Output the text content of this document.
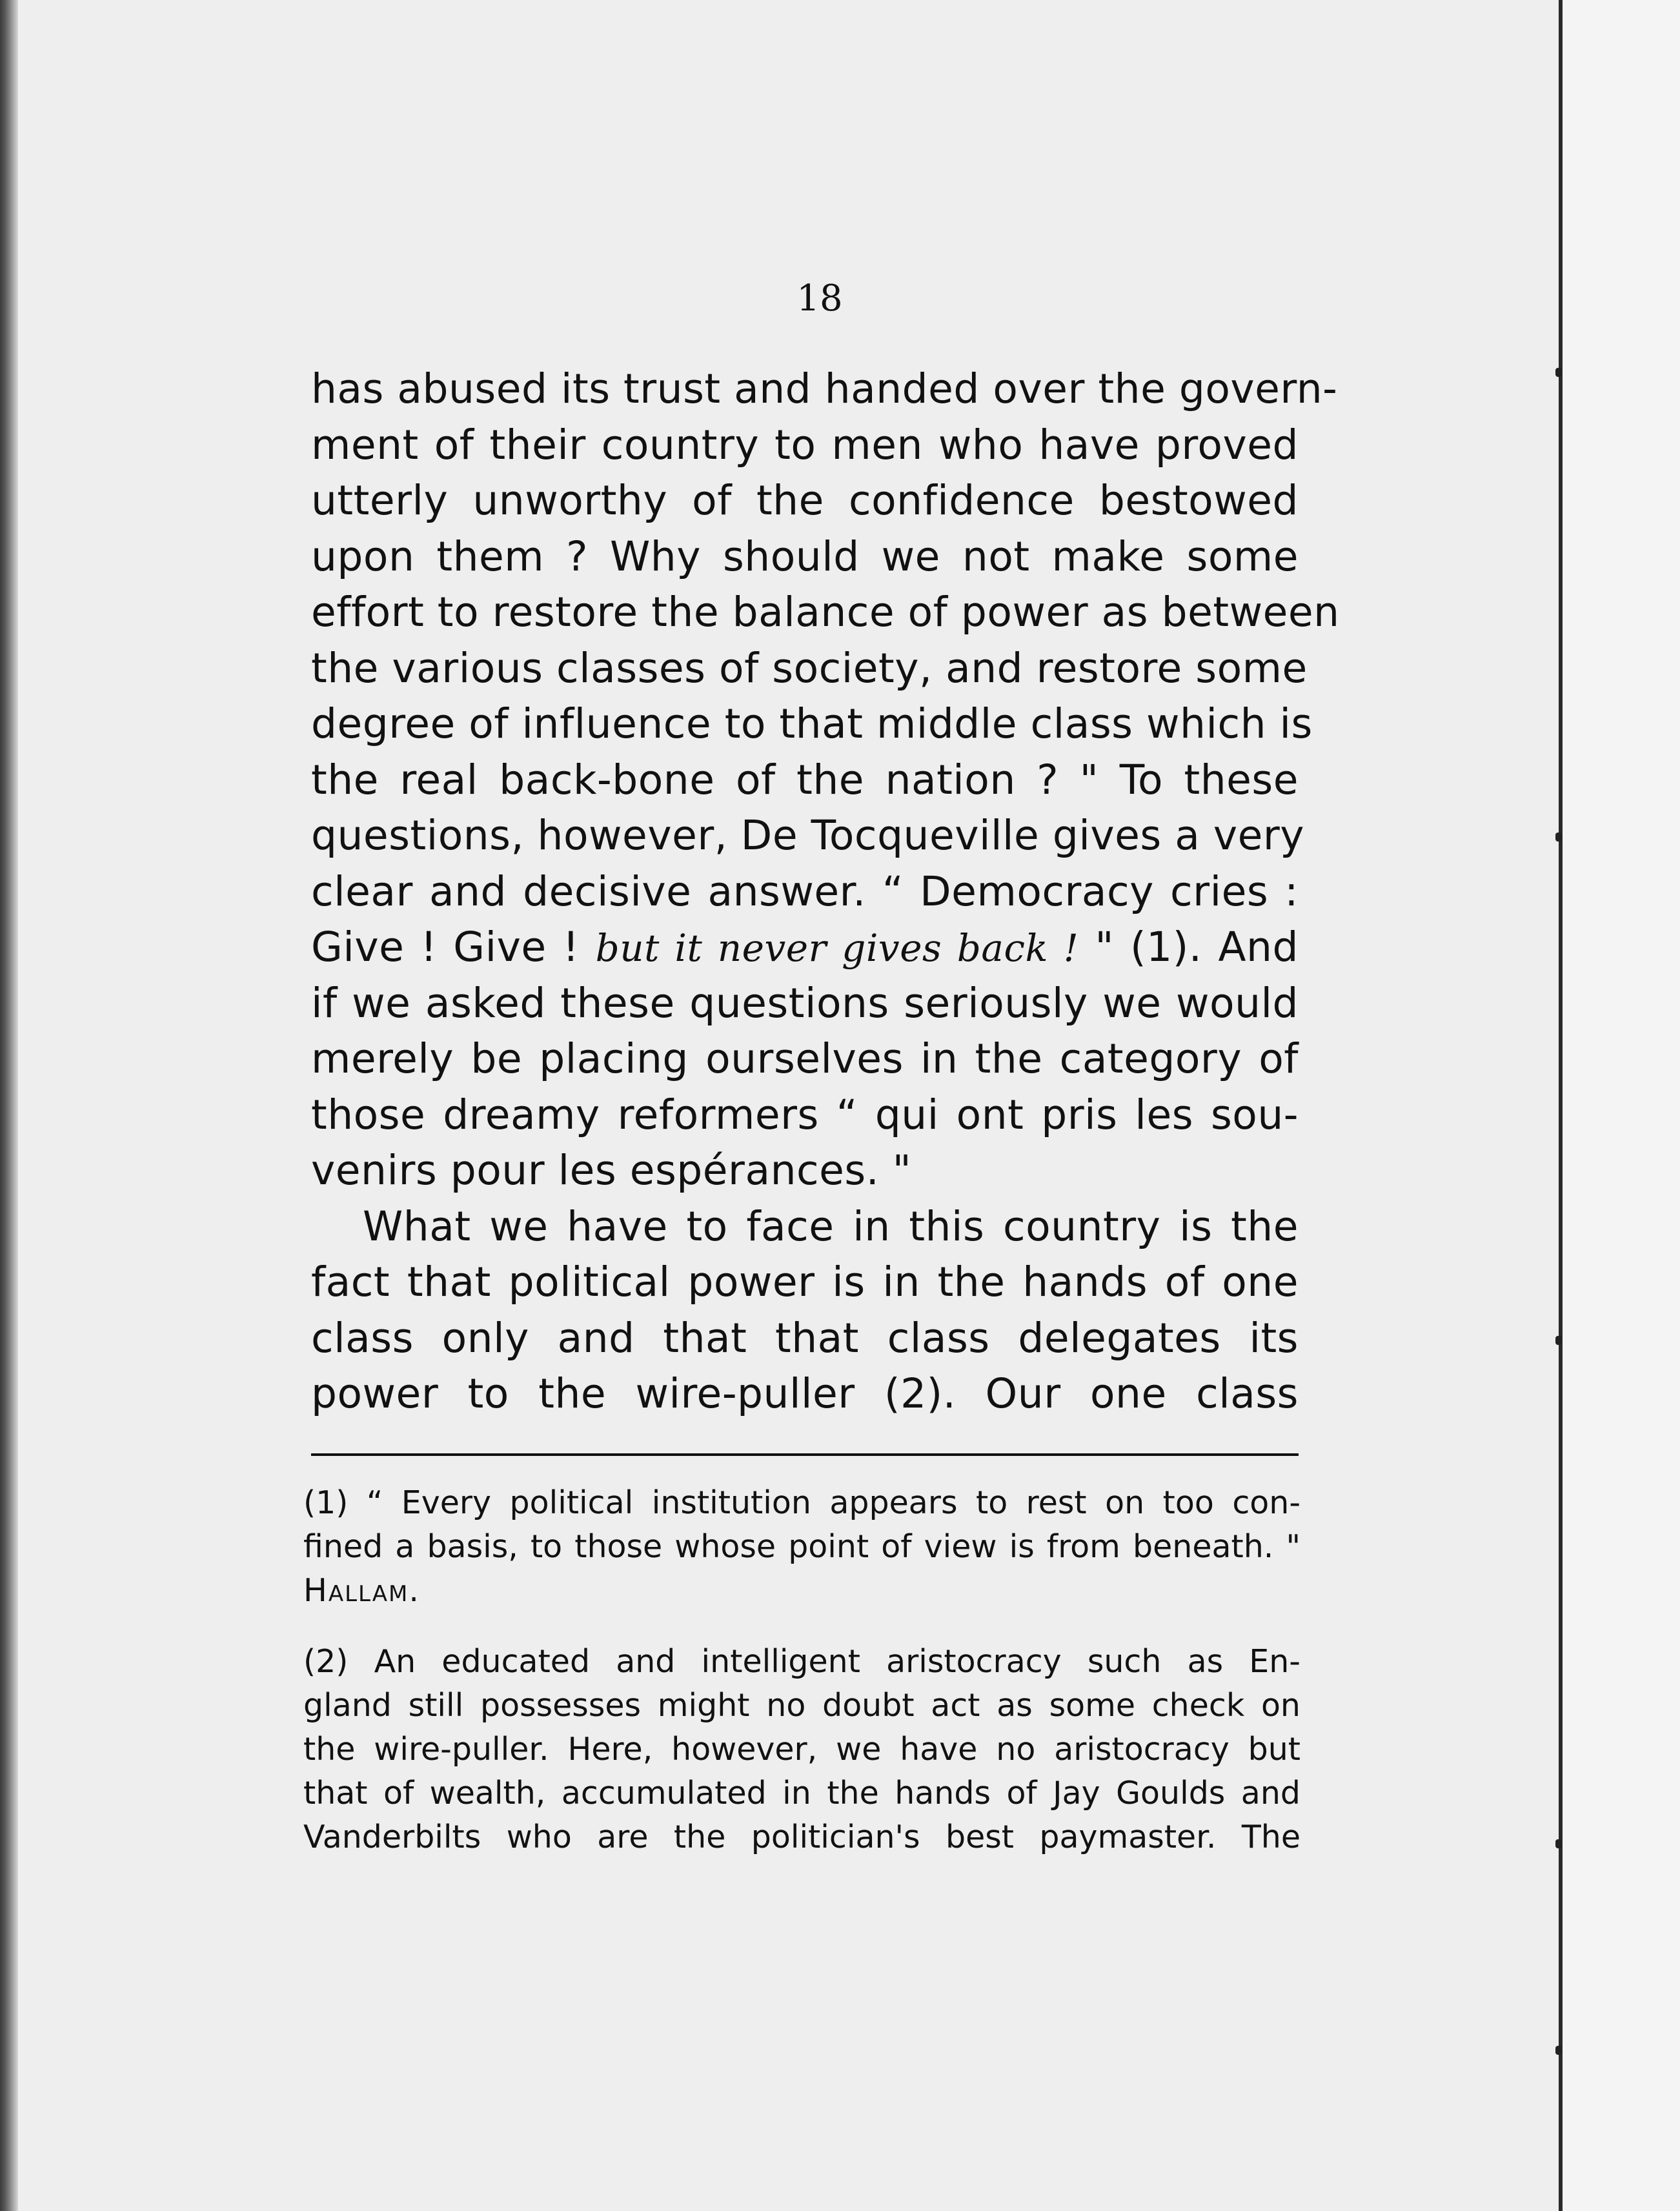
18
has abused its trust and handed over the govern-
ment of their country to men who have proved
utterly unworthy of the confidence bestowed
upon them ? Why should we not make some
effort to restore the balance of power as between
the various classes of society, and restore some
degree of influence to that middle class which is
the real back-bone of the nation ? " To these
questions, however, De Tocqueville gives a very
clear and decisive answer. “ Democracy cries :
Give ! Give ! but it never gives back ! " (1). And
if we asked these questions seriously we would
merely be placing ourselves in the category of
those dreamy reformers “ qui ont pris les sou-
venirs pour les espérances. "
What we have to face in this country is the
fact that political power is in the hands of one
class only and that that class delegates its
power to the wire-puller (2). Our one class
(1) “ Every political institution appears to rest on too con-
fined a basis, to those whose point of view is from beneath. "
Hallam.
(2) An educated and intelligent aristocracy such as En-
gland still possesses might no doubt act as some check on
the wire-puller. Here, however, we have no aristocracy but
that of wealth, accumulated in the hands of Jay Goulds and
Vanderbilts who are the politician's best paymaster. The
